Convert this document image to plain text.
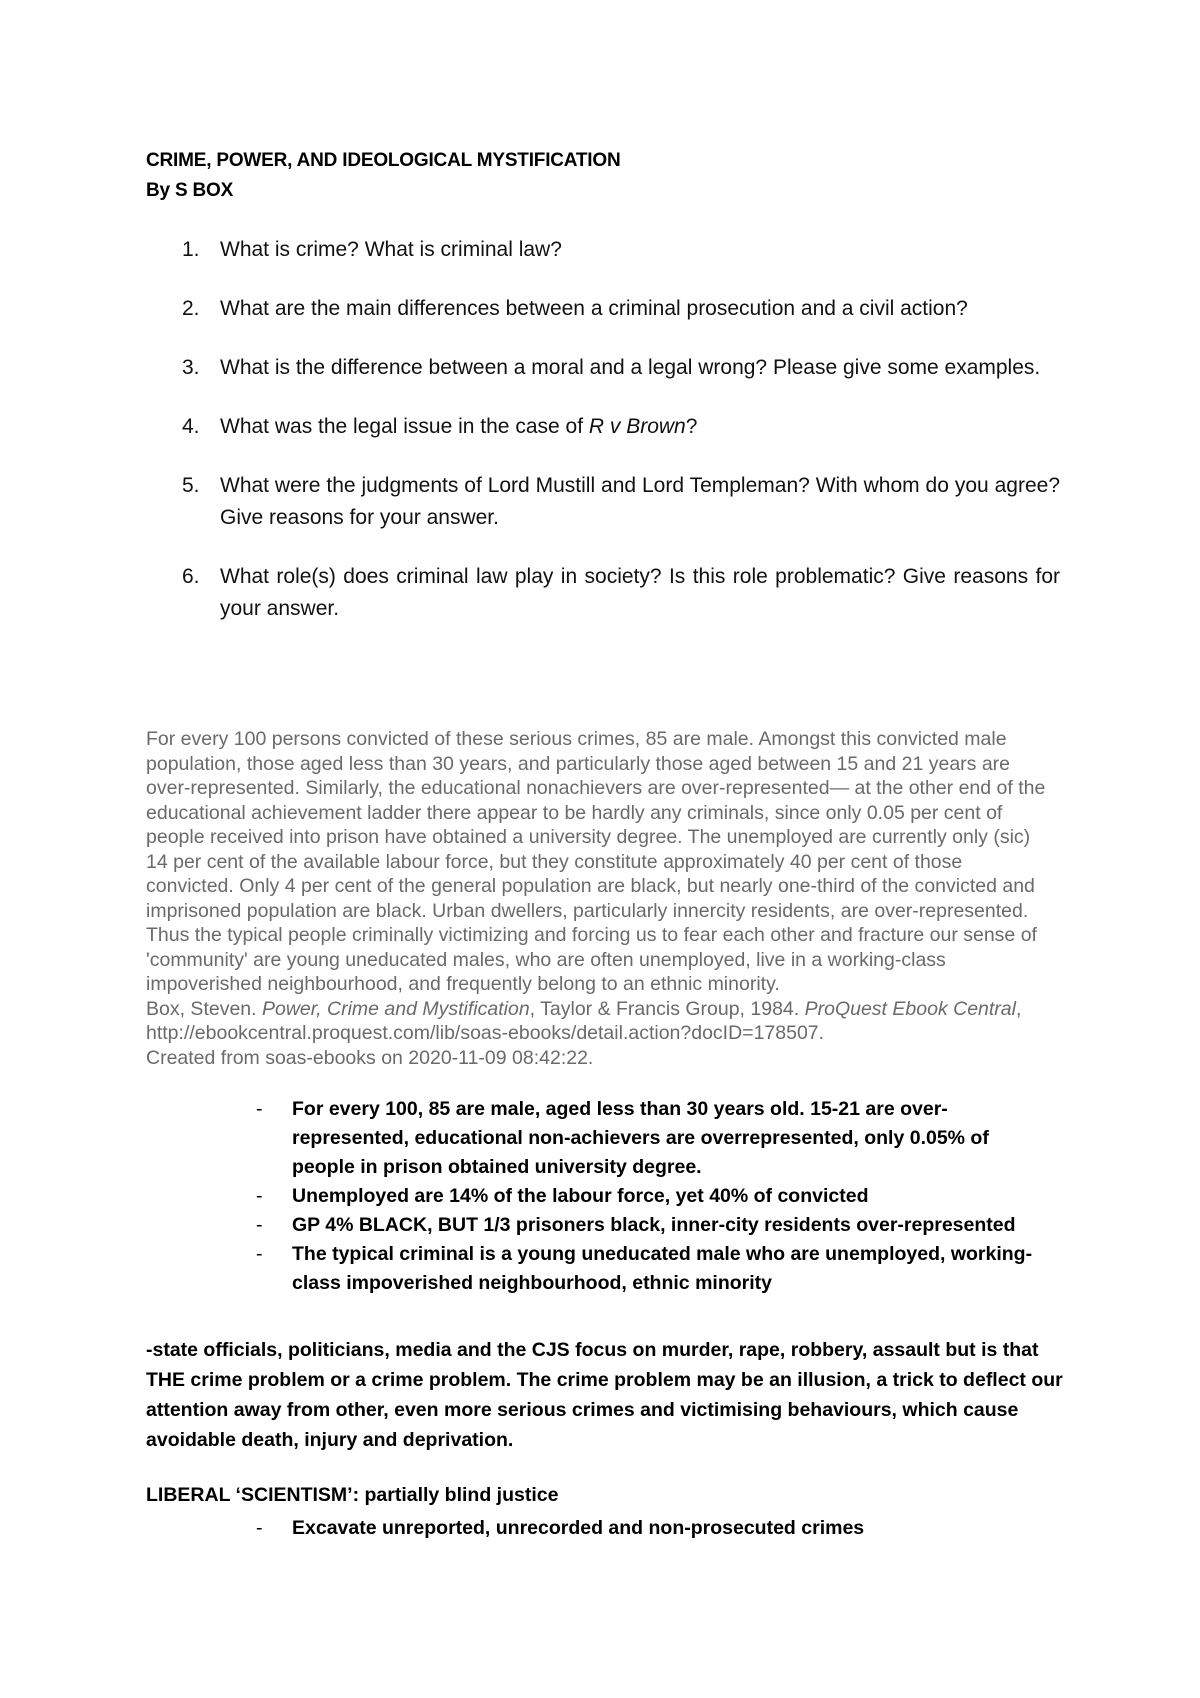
CRIME, POWER, AND IDEOLOGICAL MYSTIFICATION
By S BOX
1. What is crime? What is criminal law?
2. What are the main differences between a criminal prosecution and a civil action?
3. What is the difference between a moral and a legal wrong? Please give some examples.
4. What was the legal issue in the case of R v Brown?
5. What were the judgments of Lord Mustill and Lord Templeman? With whom do you agree? Give reasons for your answer.
6. What role(s) does criminal law play in society? Is this role problematic? Give reasons for your answer.

For every 100 persons convicted of these serious crimes, 85 are male. Amongst this convicted male population, those aged less than 30 years, and particularly those aged between 15 and 21 years are over-represented. Similarly, the educational nonachievers are over-represented— at the other end of the educational achievement ladder there appear to be hardly any criminals, since only 0.05 per cent of people received into prison have obtained a university degree. The unemployed are currently only (sic) 14 per cent of the available labour force, but they constitute approximately 40 per cent of those convicted. Only 4 per cent of the general population are black, but nearly one-third of the convicted and imprisoned population are black. Urban dwellers, particularly innercity residents, are over-represented. Thus the typical people criminally victimizing and forcing us to fear each other and fracture our sense of 'community' are young uneducated males, who are often unemployed, live in a working-class impoverished neighbourhood, and frequently belong to an ethnic minority.

Box, Steven. Power, Crime and Mystification, Taylor & Francis Group, 1984. ProQuest Ebook Central, http://ebookcentral.proquest.com/lib/soas-ebooks/detail.action?docID=178507.

Created from soas-ebooks on 2020-11-09 08:42:22.

- For every 100, 85 are male, aged less than 30 years old. 15-21 are over-represented, educational non-achievers are overrepresented, only 0.05% of people in prison obtained university degree.
- Unemployed are 14% of the labour force, yet 40% of convicted
- GP 4% BLACK, BUT 1/3 prisoners black, inner-city residents over-represented
- The typical criminal is a young uneducated male who are unemployed, working-class impoverished neighbourhood, ethnic minority

-state officials, politicians, media and the CJS focus on murder, rape, robbery, assault but is that THE crime problem or a crime problem. The crime problem may be an illusion, a trick to deflect our attention away from other, even more serious crimes and victimising behaviours, which cause avoidable death, injury and deprivation.

LIBERAL ‘SCIENTISM’: partially blind justice
- Excavate unreported, unrecorded and non-prosecuted crimes
